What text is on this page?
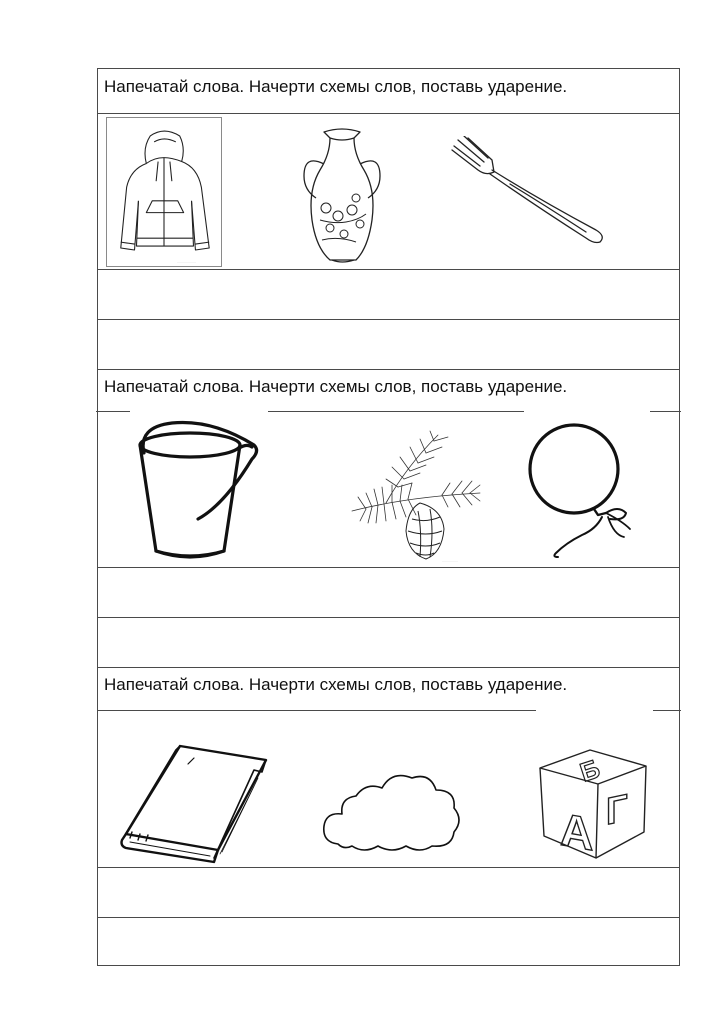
Напечатай слова. Начерти схемы слов, поставь ударение.
···················
Напечатай слова. Начерти схемы слов, поставь ударение.
················
Напечатай слова. Начерти схемы слов, поставь ударение.
А Г
Б
